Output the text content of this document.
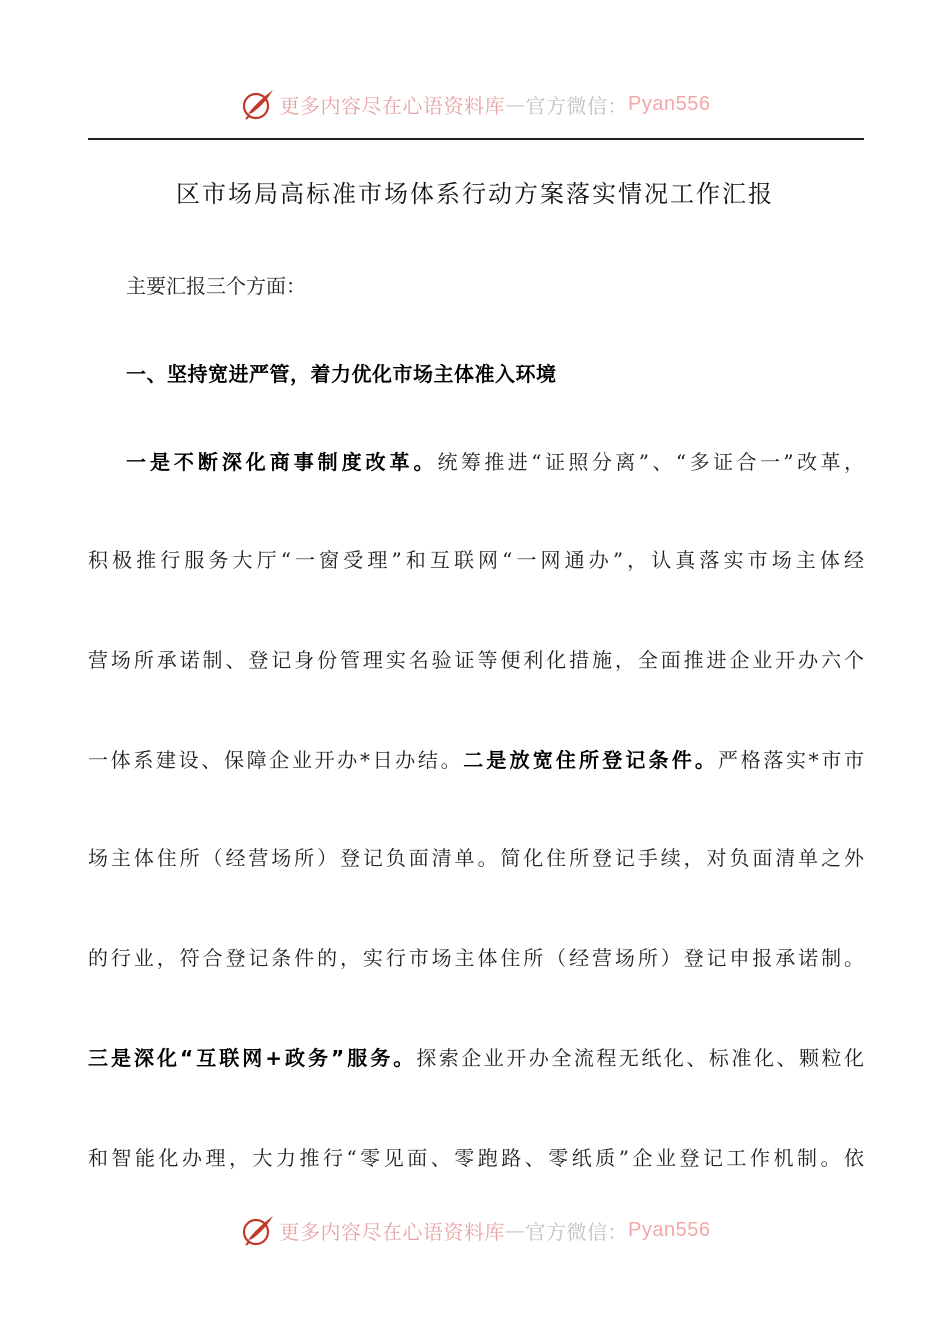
更多内容尽在心语资料库 — 官方微信： Pyan556
区市场局高标准市场体系行动方案落实情况工作汇报
主要汇报三个方面：
一、坚持宽进严管，着力优化市场主体准入环境
一是不断深化商事制度改革。统筹推进“证照分离”、“多证合一”改革，
积极推行服务大厅“一窗受理”和互联网“一网通办”，认真落实市场主体经
营场所承诺制、登记身份管理实名验证等便利化措施，全面推进企业开办六个
一体系建设、保障企业开办*日办结。二是放宽住所登记条件。严格落实*市市
场主体住所（经营场所）登记负面清单。简化住所登记手续，对负面清单之外
的行业，符合登记条件的，实行市场主体住所（经营场所）登记申报承诺制。
三是深化“互联网+政务”服务。探索企业开办全流程无纸化、标准化、颗粒化
和智能化办理，大力推行“零见面、零跑路、零纸质”企业登记工作机制。依
更多内容尽在心语资料库 — 官方微信： Pyan556
